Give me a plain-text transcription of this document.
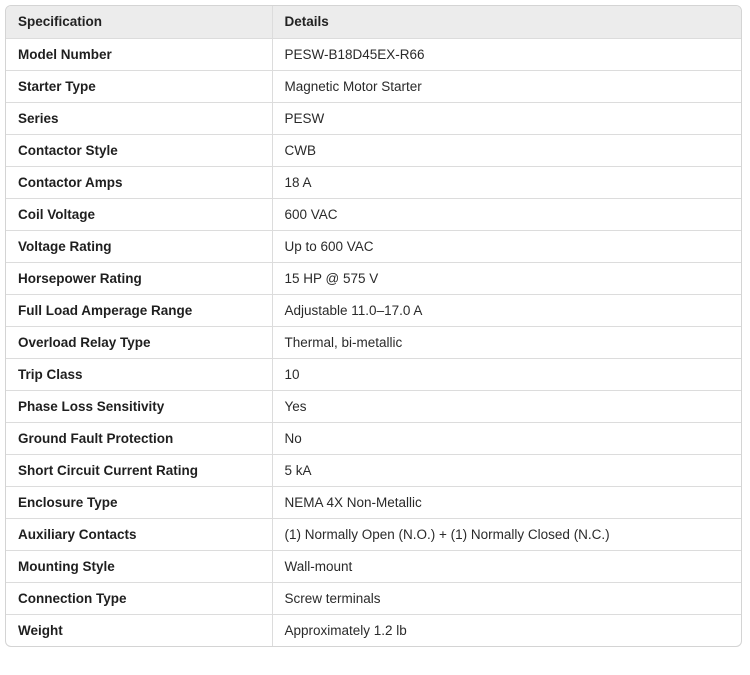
Specification	Details
Model Number	PESW-B18D45EX-R66
Starter Type	Magnetic Motor Starter
Series	PESW
Contactor Style	CWB
Contactor Amps	18 A
Coil Voltage	600 VAC
Voltage Rating	Up to 600 VAC
Horsepower Rating	15 HP @ 575 V
Full Load Amperage Range	Adjustable 11.0–17.0 A
Overload Relay Type	Thermal, bi-metallic
Trip Class	10
Phase Loss Sensitivity	Yes
Ground Fault Protection	No
Short Circuit Current Rating	5 kA
Enclosure Type	NEMA 4X Non-Metallic
Auxiliary Contacts	(1) Normally Open (N.O.) + (1) Normally Closed (N.C.)
Mounting Style	Wall-mount
Connection Type	Screw terminals
Weight	Approximately 1.2 lb
